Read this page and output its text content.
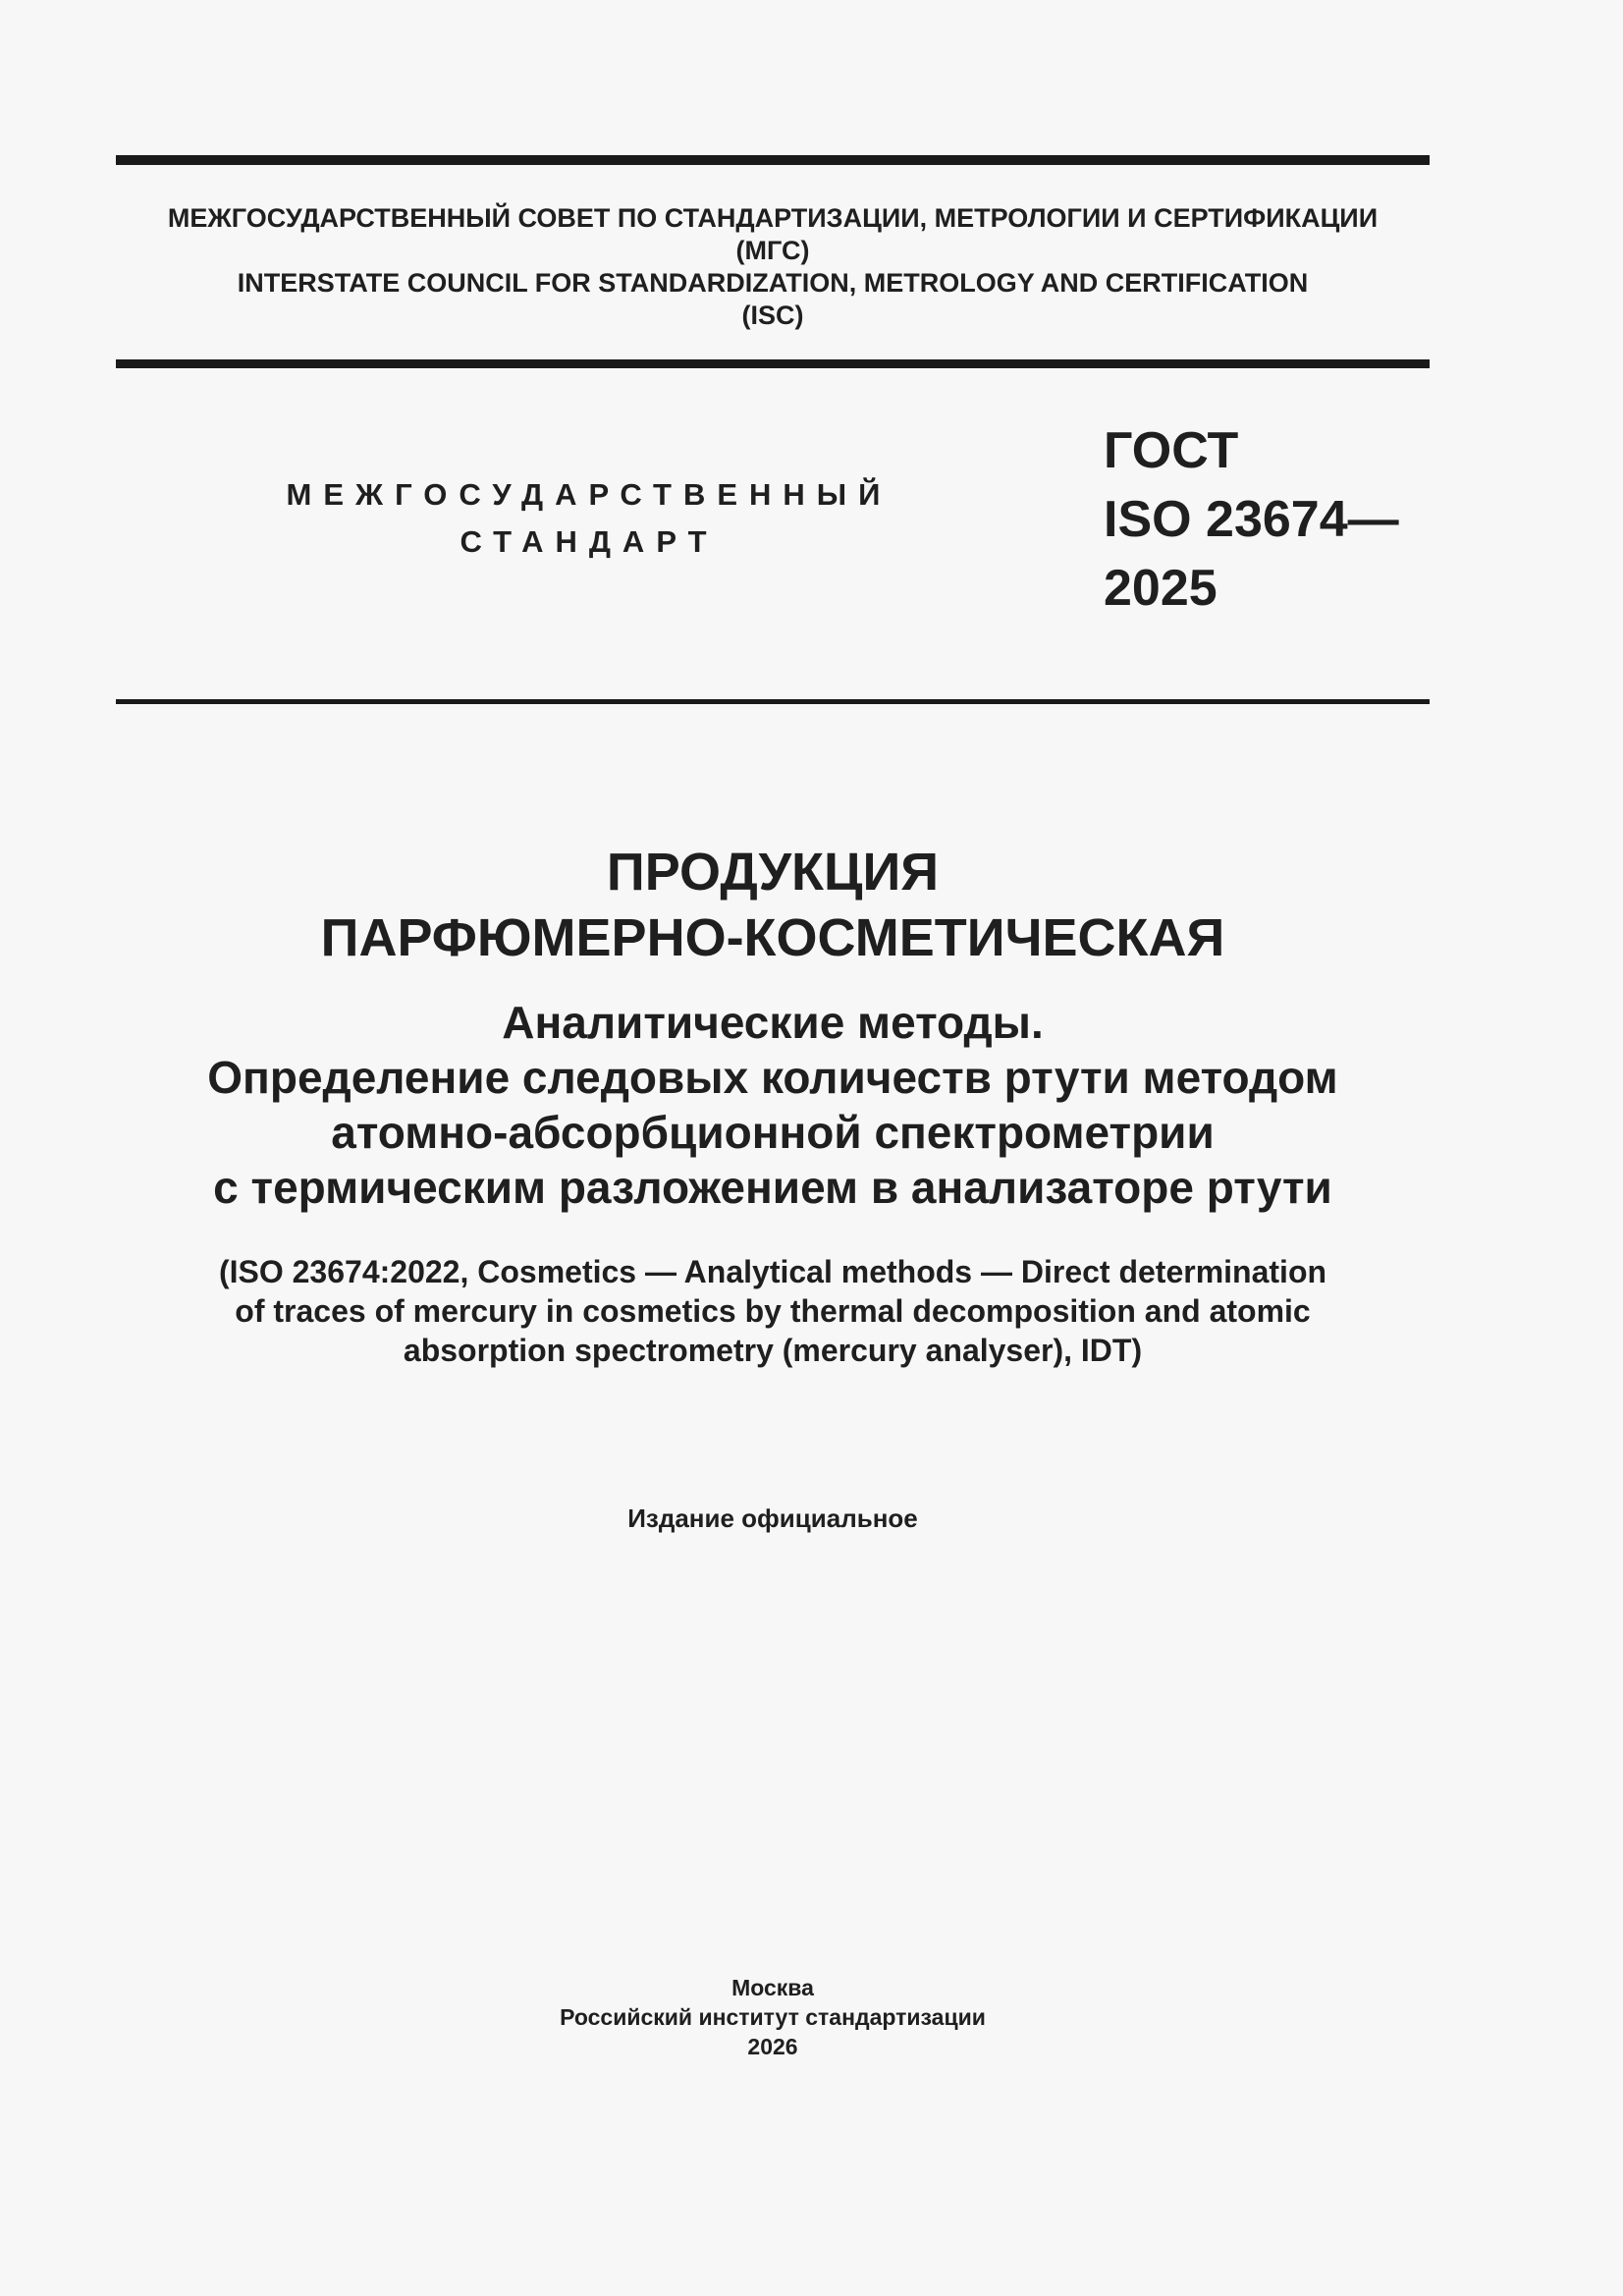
МЕЖГОСУДАРСТВЕННЫЙ СОВЕТ ПО СТАНДАРТИЗАЦИИ, МЕТРОЛОГИИ И СЕРТИФИКАЦИИ
(МГС)
INTERSTATE COUNCIL FOR STANDARDIZATION, METROLOGY AND CERTIFICATION
(ISC)
МЕЖГОСУДАРСТВЕННЫЙ
СТАНДАРТ
ГОСТ
ISO 23674—
2025
ПРОДУКЦИЯ
ПАРФЮМЕРНО-КОСМЕТИЧЕСКАЯ
Аналитические методы.
Определение следовых количеств ртути методом
атомно-абсорбционной спектрометрии
с термическим разложением в анализаторе ртути
(ISO 23674:2022, Cosmetics — Analytical methods — Direct determination
of traces of mercury in cosmetics by thermal decomposition and atomic
absorption spectrometry (mercury analyser), IDT)
Издание официальное
Москва
Российский институт стандартизации
2026
